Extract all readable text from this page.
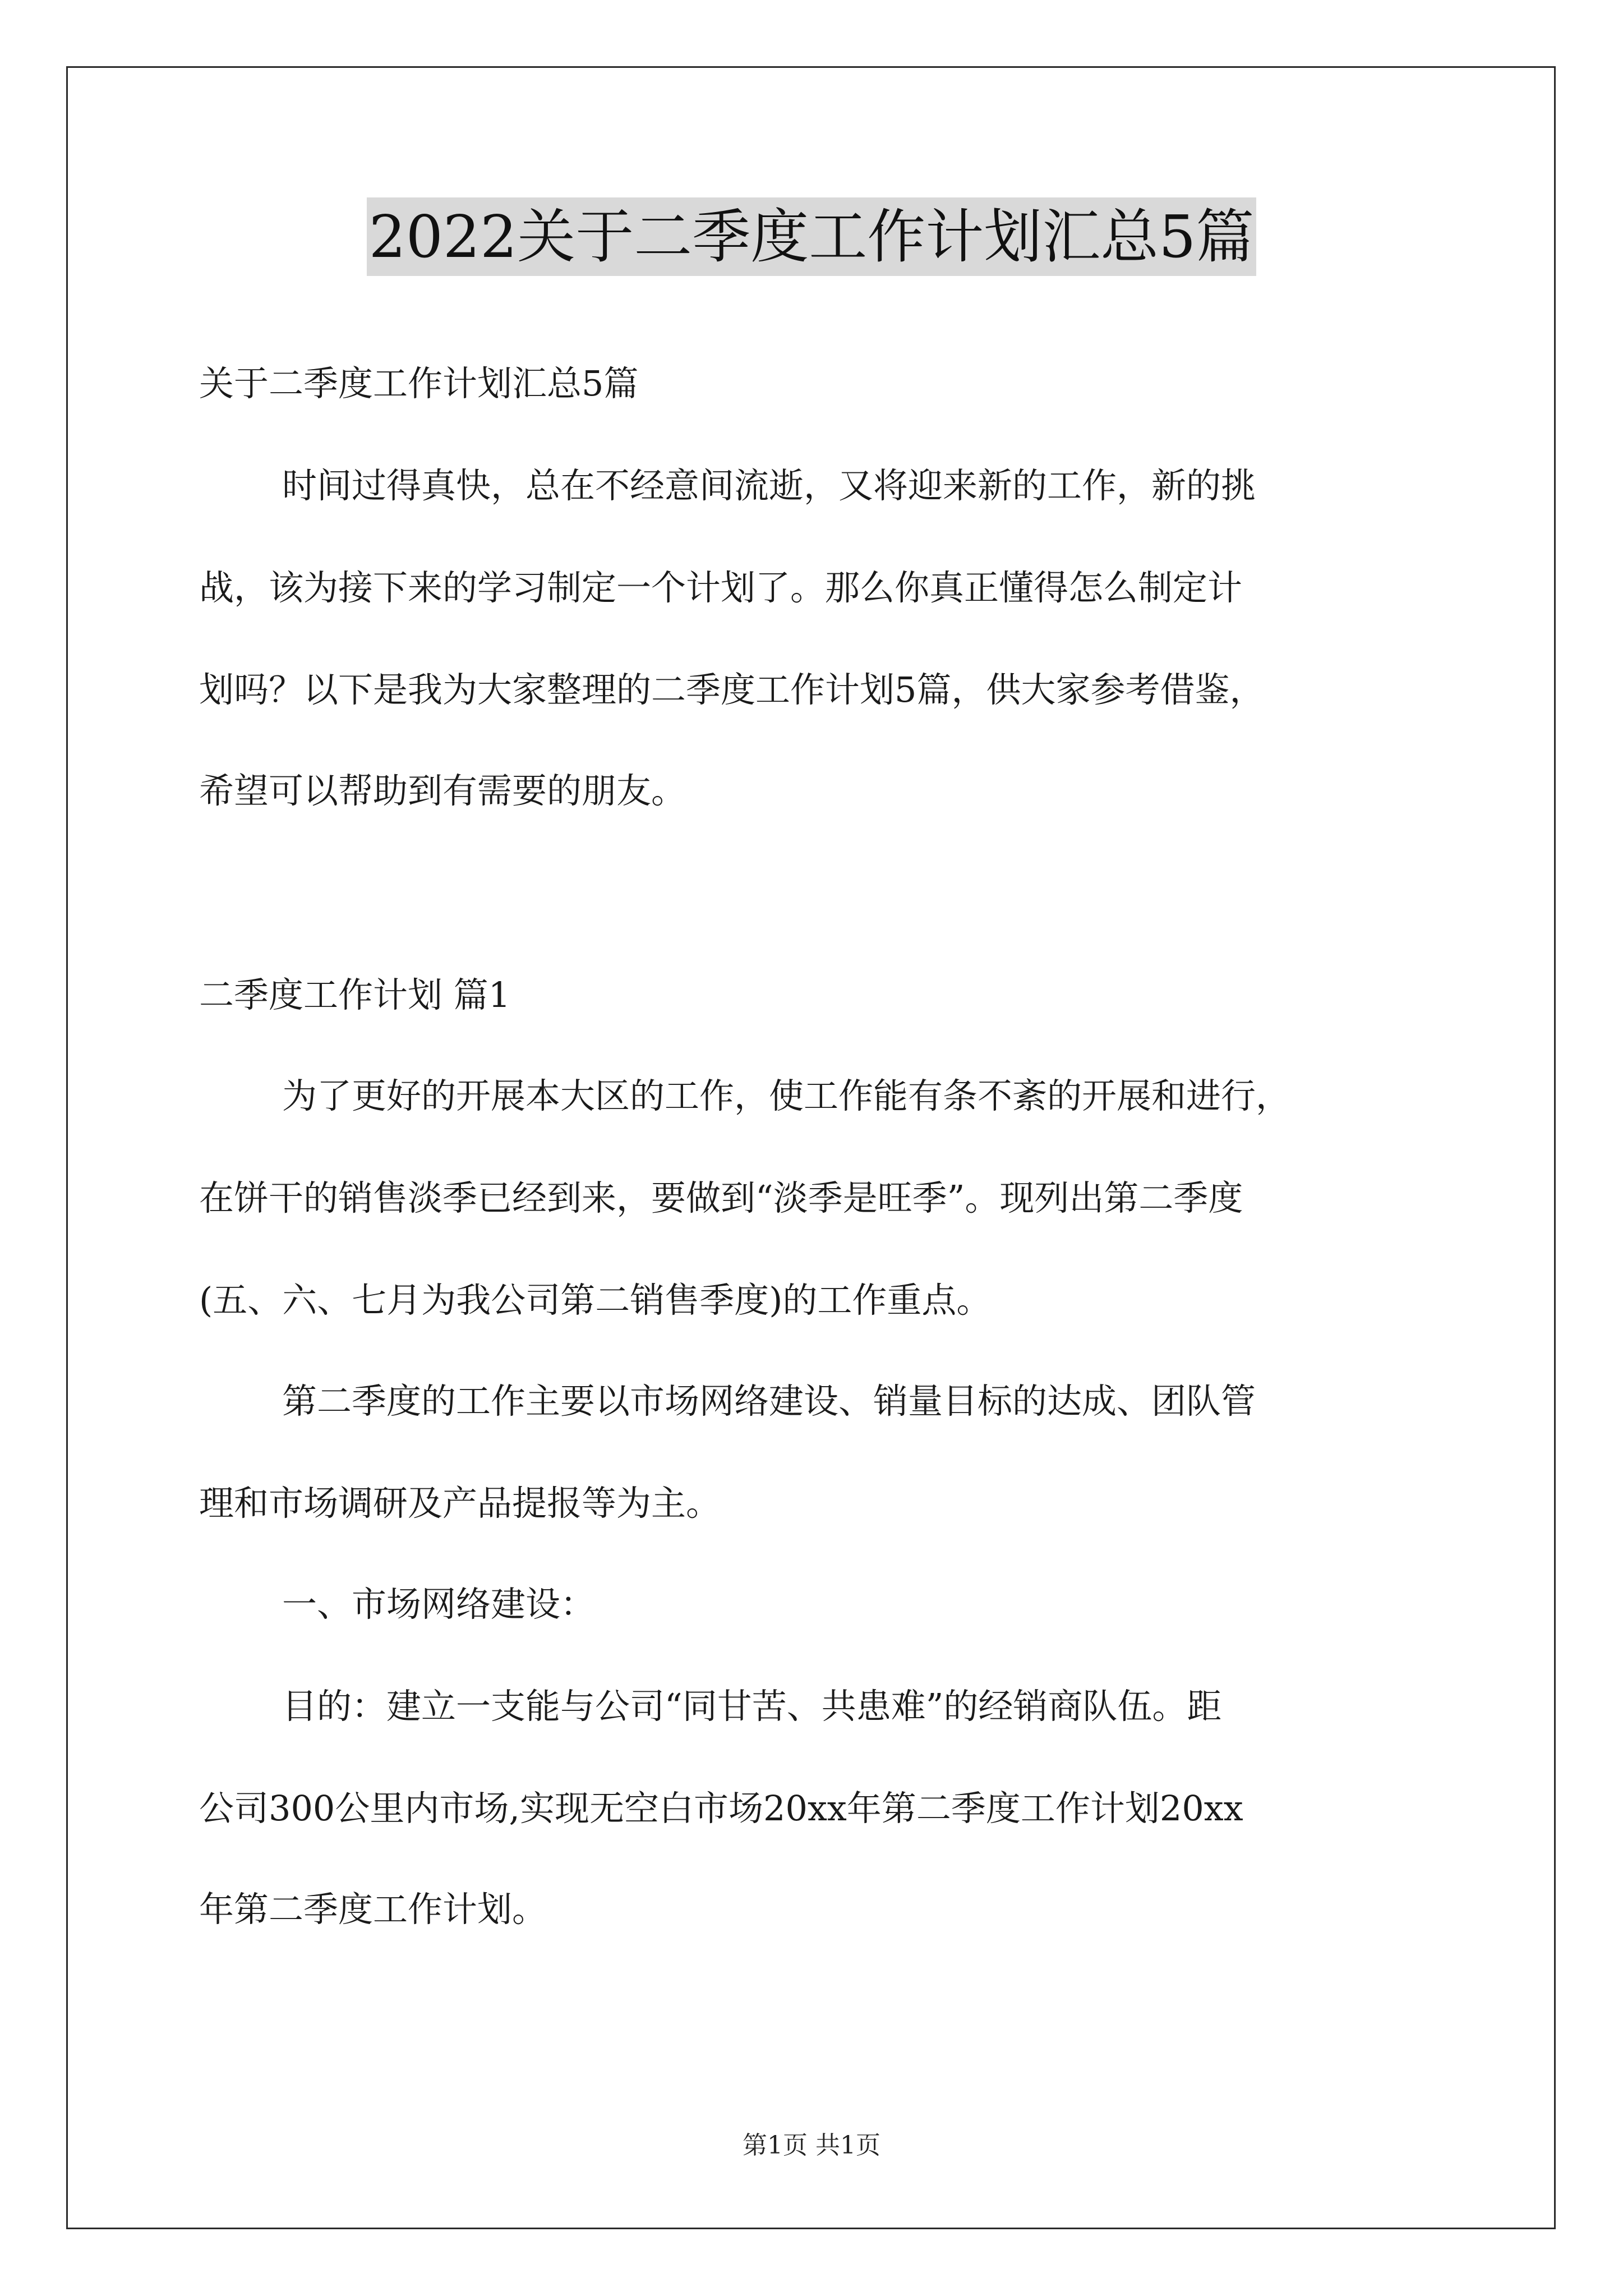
2022关于二季度工作计划汇总5篇
关于二季度工作计划汇总5篇
时间过得真快，总在不经意间流逝，又将迎来新的工作，新的挑
战，该为接下来的学习制定一个计划了。那么你真正懂得怎么制定计
划吗？以下是我为大家整理的二季度工作计划5篇，供大家参考借鉴，
希望可以帮助到有需要的朋友。
二季度工作计划 篇1
为了更好的开展本大区的工作，使工作能有条不紊的开展和进行，
在饼干的销售淡季已经到来，要做到“淡季是旺季”。现列出第二季度
(五、六、七月为我公司第二销售季度)的工作重点。
第二季度的工作主要以市场网络建设、销量目标的达成、团队管
理和市场调研及产品提报等为主。
一、市场网络建设：
目的：建立一支能与公司“同甘苦、共患难”的经销商队伍。距
公司300公里内市场,实现无空白市场20xx年第二季度工作计划20xx
年第二季度工作计划。
第1页 共1页
